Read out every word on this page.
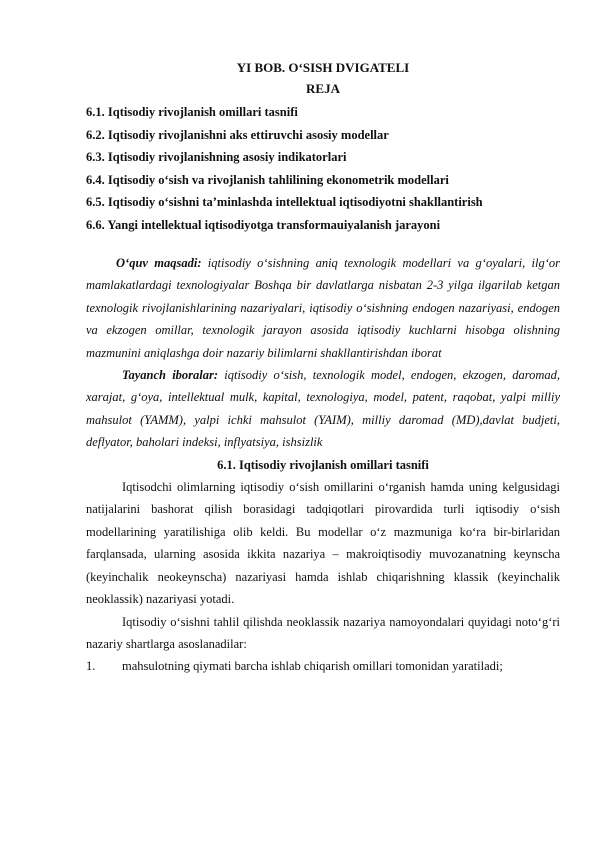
YI BOB. O‘SISH DVIGATELI
REJA
6.1. Iqtisodiy rivojlanish omillari tasnifi
6.2. Iqtisodiy rivojlanishni aks ettiruvchi asosiy modellar
6.3. Iqtisodiy rivojlanishning asosiy indikatorlari
6.4. Iqtisodiy o‘sish va rivojlanish tahlilining ekonometrik modellari
6.5. Iqtisodiy o‘sishni ta’minlashda intellektual iqtisodiyotni shakllantirish
6.6. Yangi intellektual iqtisodiyotga transformauiyalanish jarayoni

O‘quv maqsadi: iqtisodiy o‘sishning aniq texnologik modellari va g‘oyalari, ilg‘or mamlakatlardagi texnologiyalar Boshqa bir davlatlarga nisbatan 2-3 yilga ilgarilab ketgan texnologik rivojlanishlarining nazariyalari, iqtisodiy o‘sishning endogen nazariyasi, endogen va ekzogen omillar, texnologik jarayon asosida iqtisodiy kuchlarni hisobga olishning mazmunini aniqlashga doir nazariy bilimlarni shakllantirishdan iborat

Tayanch iboralar: iqtisodiy o‘sish, texnologik model, endogen, ekzogen, daromad, xarajat, g‘oya, intellektual mulk, kapital, texnologiya, model, patent, raqobat, yalpi milliy mahsulot (YAMM), yalpi ichki mahsulot (YAIM), milliy daromad (MD),davlat budjeti, deflyator, baholari indeksi, inflyatsiya, ishsizlik

6.1. Iqtisodiy rivojlanish omillari tasnifi

Iqtisodchi olimlarning iqtisodiy o‘sish omillarini o‘rganish hamda uning kelgusidagi natijalarini bashorat qilish borasidagi tadqiqotlari pirovardida turli iqtisodiy o‘sish modellarining yaratilishiga olib keldi. Bu modellar o‘z mazmuniga ko‘ra bir-birlaridan farqlansada, ularning asosida ikkita nazariya – makroiqtisodiy muvozanatning keynscha (keyinchalik neokeynscha) nazariyasi hamda ishlab chiqarishning klassik (keyinchalik neoklassik) nazariyasi yotadi.

Iqtisodiy o‘sishni tahlil qilishda neoklassik nazariya namoyondalari quyidagi noto‘g‘ri nazariy shartlarga asoslanadilar:

1.	mahsulotning qiymati barcha ishlab chiqarish omillari tomonidan yaratiladi;
